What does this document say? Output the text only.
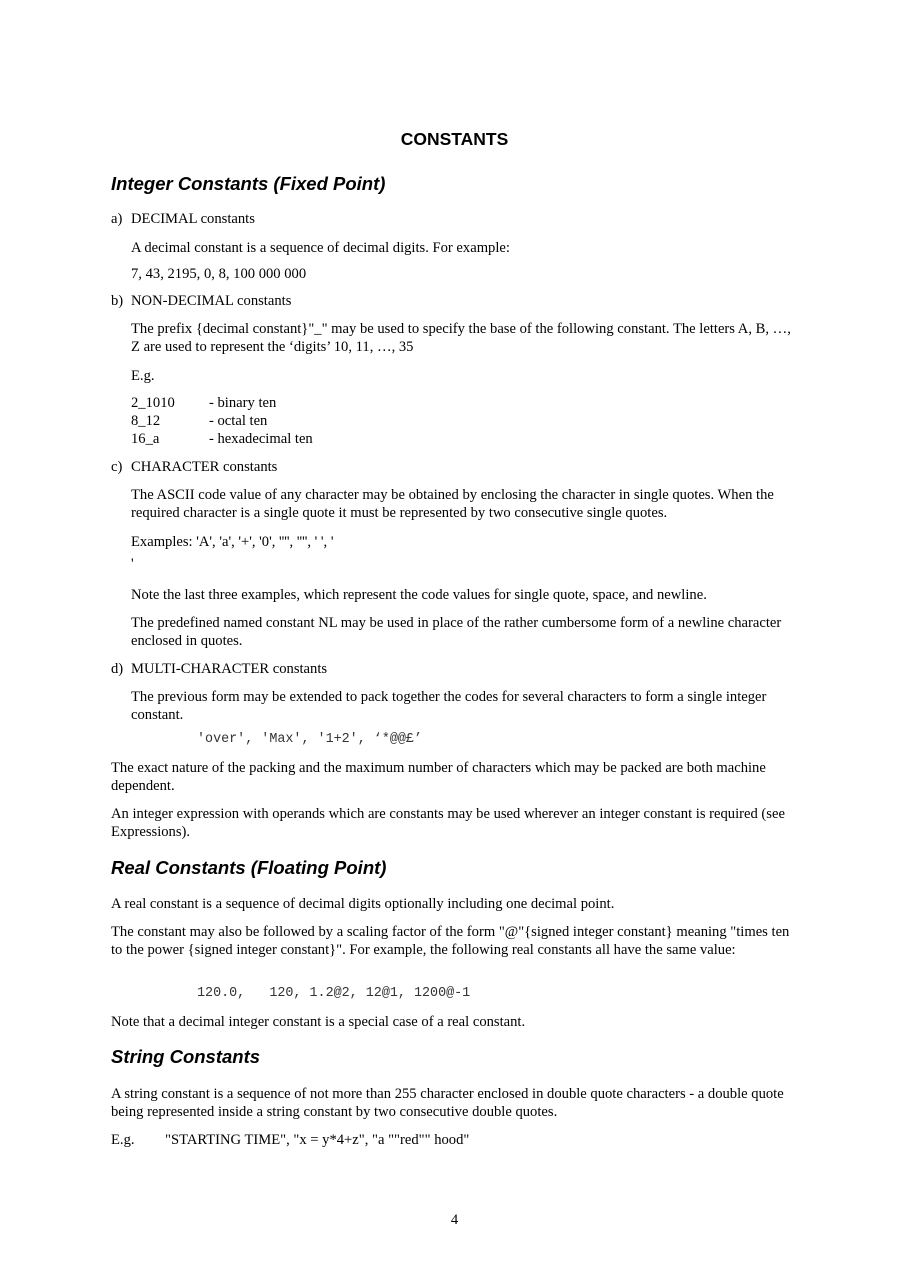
CONSTANTS
Integer Constants (Fixed Point)
a) DECIMAL constants

A decimal constant is a sequence of decimal digits. For example:

7, 43, 2195, 0, 8, 100 000 000

b) NON-DECIMAL constants

The prefix {decimal constant}"_" may be used to specify the base of the following constant. The letters A, B, …, Z are used to represent the ‘digits’ 10, 11, …, 35

E.g.

2_1010 - binary ten
8_12	- octal ten
16_a	- hexadecimal ten
c) CHARACTER constants

The ASCII code value of any character may be obtained by enclosing the character in single quotes. When the required character is a single quote it must be represented by two consecutive single quotes.

Examples: 'A', 'a', '+', '0', '''', '''', ' ', '

'

Note the last three examples, which represent the code values for single quote, space, and newline.

The predefined named constant NL may be used in place of the rather cumbersome form of a newline character enclosed in quotes.

d) MULTI-CHARACTER constants

The previous form may be extended to pack together the codes for several characters to form a single integer constant.

'over', 'Max', '1+2', ‘*@@£’

The exact nature of the packing and the maximum number of characters which may be packed are both machine dependent.

An integer expression with operands which are constants may be used wherever an integer constant is required (see Expressions).

Real Constants (Floating Point)

A real constant is a sequence of decimal digits optionally including one decimal point.

The constant may also be followed by a scaling factor of the form "@"{signed integer constant} meaning "times ten to the power {signed integer constant}". For example, the following real constants all have the same value:

120.0,   120, 1.2@2, 12@1, 1200@-1

Note that a decimal integer constant is a special case of a real constant.

String Constants

A string constant is a sequence of not more than 255 character enclosed in double quote characters - a double quote being represented inside a string constant by two consecutive double quotes.

E.g. "STARTING TIME", "x = y*4+z", "a ""red"" hood"
4
